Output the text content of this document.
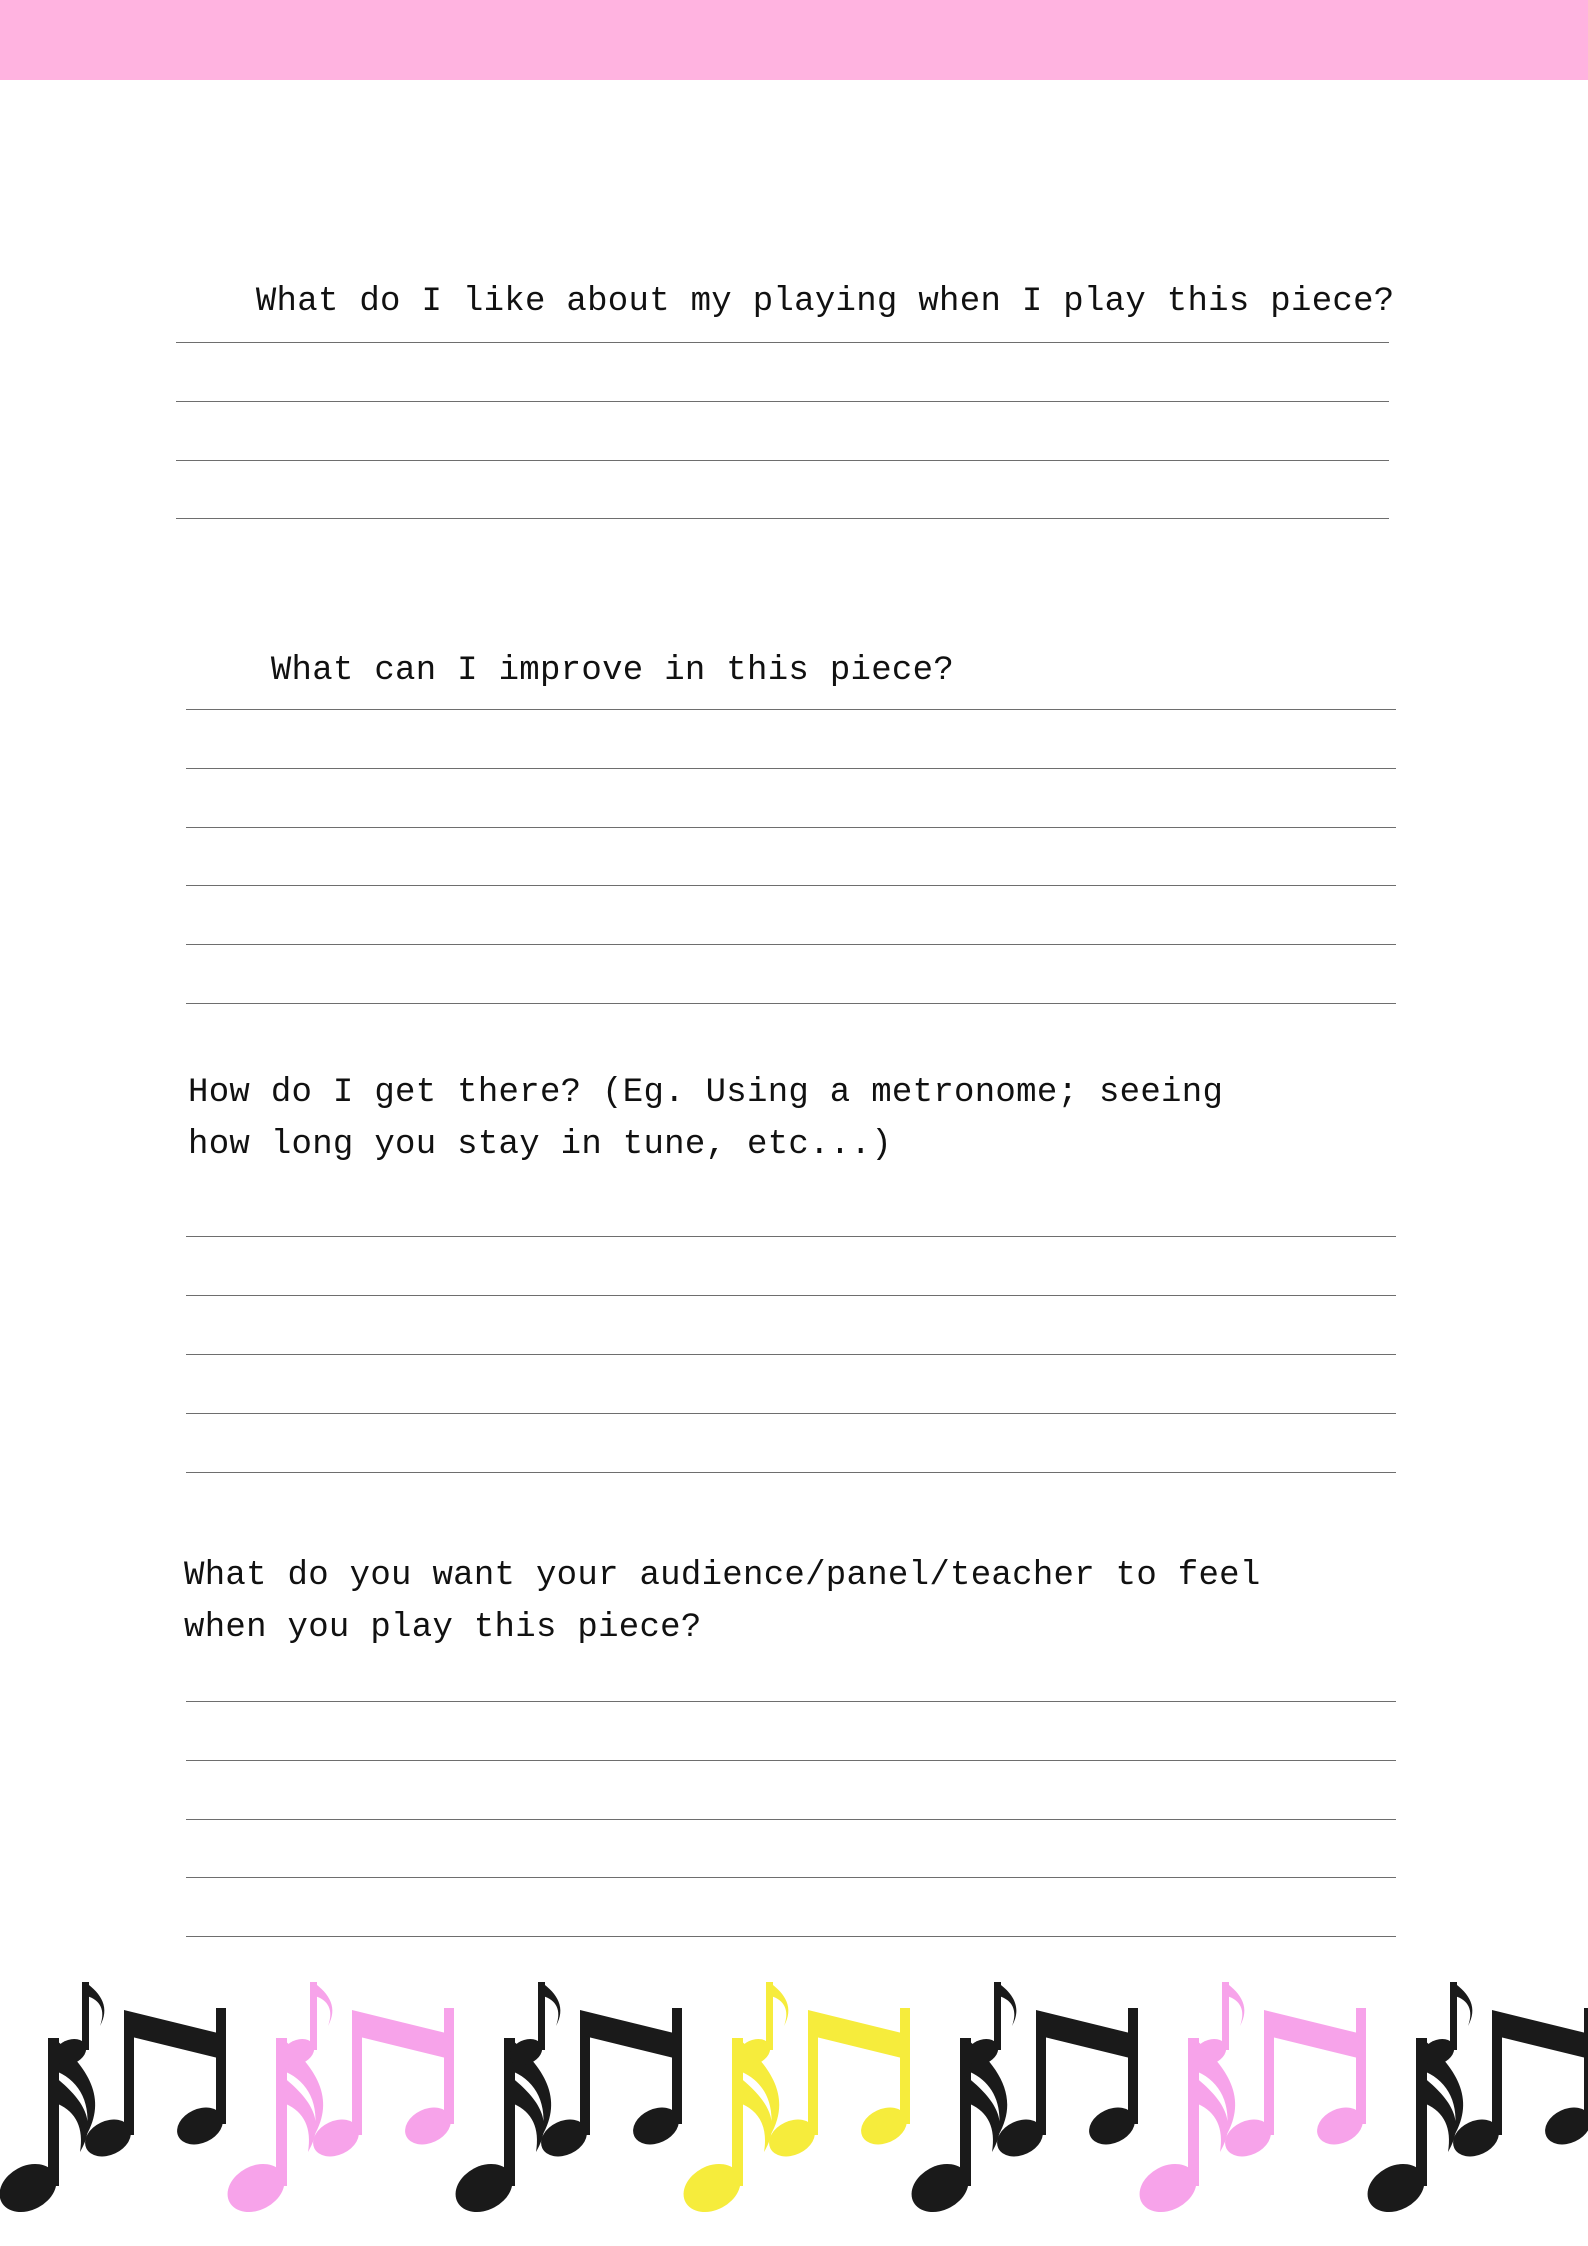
What do I like about my playing when I play this piece?

What can I improve in this piece?

How do I get there? (Eg. Using a metronome; seeing
how long you stay in tune, etc...)

What do you want your audience/panel/teacher to feel
when you play this piece?
